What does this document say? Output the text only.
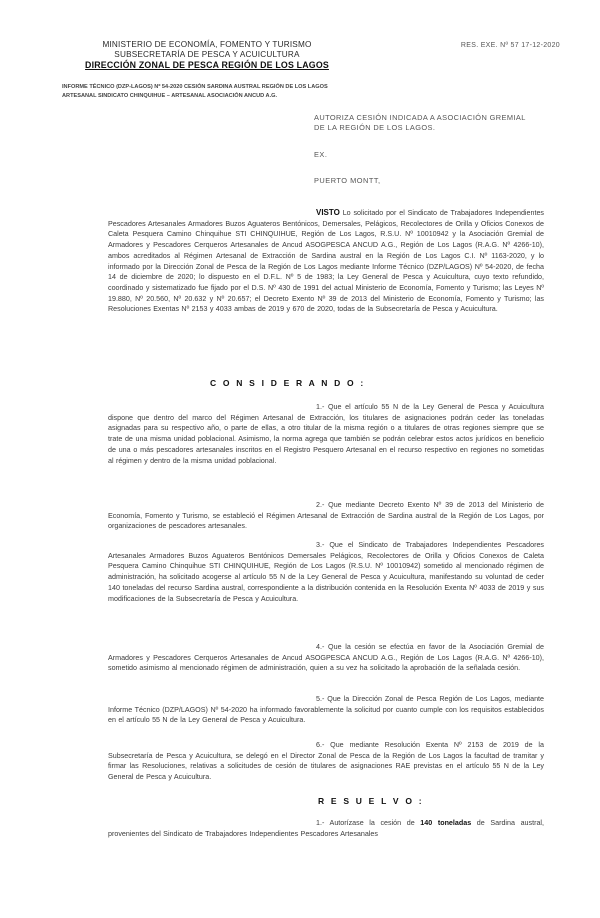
MINISTERIO DE ECONOMÍA, FOMENTO Y TURISMO
SUBSECRETARÍA DE PESCA Y ACUICULTURA
DIRECCIÓN ZONAL DE PESCA REGIÓN DE LOS LAGOS
INFORME TÉCNICO (DZP-LAGOS) Nº 54-2020 CESIÓN SARDINA AUSTRAL REGIÓN DE LOS LAGOS
ARTESANAL SINDICATO CHINQUIHUE – ARTESANAL ASOCIACIÓN ANCUD A.G.
RES. EXE. Nº 57 17-12-2020
AUTORIZA CESIÓN INDICADA A ASOCIACIÓN GREMIAL DE LA REGIÓN DE LOS LAGOS.
EX.
PUERTO MONTT,
VISTO Lo solicitado por el Sindicato de Trabajadores Independientes Pescadores Artesanales Armadores Buzos Aguateros Bentónicos, Demersales, Pelágicos, Recolectores de Orilla y Oficios Conexos de Caleta Pesquera Camino Chinquihue STI CHINQUIHUE, Región de Los Lagos, R.S.U. Nº 10010942 y la Asociación Gremial de Armadores y Pescadores Cerqueros Artesanales de Ancud ASOGPESCA ANCUD A.G., Región de Los Lagos (R.A.G. Nº 4266-10), ambos acreditados al Régimen Artesanal de Extracción de Sardina austral en la Región de Los Lagos C.I. Nº 1163-2020, y lo informado por la Dirección Zonal de Pesca de la Región de Los Lagos mediante Informe Técnico (DZP/LAGOS) Nº 54-2020, de fecha 14 de diciembre de 2020; lo dispuesto en el D.F.L. Nº 5 de 1983; la Ley General de Pesca y Acuicultura, cuyo texto refundido, coordinado y sistematizado fue fijado por el D.S. Nº 430 de 1991 del actual Ministerio de Economía, Fomento y Turismo; las Leyes Nº 19.880, Nº 20.560, Nº 20.632 y Nº 20.657; el Decreto Exento Nº 39 de 2013 del Ministerio de Economía, Fomento y Turismo; las Resoluciones Exentas Nº 2153 y 4033 ambas de 2019 y 670 de 2020, todas de la Subsecretaría de Pesca y Acuicultura.
C O N S I D E R A N D O :
1.- Que el artículo 55 N de la Ley General de Pesca y Acuicultura dispone que dentro del marco del Régimen Artesanal de Extracción, los titulares de asignaciones podrán ceder las toneladas asignadas para su respectivo año, o parte de ellas, a otro titular de la misma región o a titulares de otras regiones siempre que se trate de una misma unidad poblacional. Asimismo, la norma agrega que también se podrán celebrar estos actos jurídicos en beneficio de una o más pescadores artesanales inscritos en el Registro Pesquero Artesanal en el recurso respectivo en regiones no sometidas al régimen y dentro de la misma unidad poblacional.
2.- Que mediante Decreto Exento Nº 39 de 2013 del Ministerio de Economía, Fomento y Turismo, se estableció el Régimen Artesanal de Extracción de Sardina austral de la Región de Los Lagos, por organizaciones de pescadores artesanales.
3.- Que el Sindicato de Trabajadores Independientes Pescadores Artesanales Armadores Buzos Aguateros Bentónicos Demersales Pelágicos, Recolectores de Orilla y Oficios Conexos de Caleta Pesquera Camino Chinquihue STI CHINQUIHUE, Región de Los Lagos (R.S.U. Nº 10010942) sometido al mencionado régimen de administración, ha solicitado acogerse al artículo 55 N de la Ley General de Pesca y Acuicultura, manifestando su voluntad de ceder 140 toneladas del recurso Sardina austral, correspondiente a la distribución contenida en la Resolución Exenta Nº 4033 de 2019 y sus modificaciones de la Subsecretaría de Pesca y Acuicultura.
4.- Que la cesión se efectúa en favor de la Asociación Gremial de Armadores y Pescadores Cerqueros Artesanales de Ancud ASOGPESCA ANCUD A.G., Región de Los Lagos (R.A.G. Nº 4266-10), sometido asimismo al mencionado régimen de administración, quien a su vez ha solicitado la aprobación de la señalada cesión.
5.- Que la Dirección Zonal de Pesca Región de Los Lagos, mediante Informe Técnico (DZP/LAGOS) Nº 54-2020 ha informado favorablemente la solicitud por cuanto cumple con los requisitos establecidos en el artículo 55 N de la Ley General de Pesca y Acuicultura.
6.- Que mediante Resolución Exenta Nº 2153 de 2019 de la Subsecretaría de Pesca y Acuicultura, se delegó en el Director Zonal de Pesca de la Región de Los Lagos la facultad de tramitar y firmar las Resoluciones, relativas a solicitudes de cesión de titulares de asignaciones RAE previstas en el artículo 55 N de la Ley General de Pesca y Acuicultura.
R E S U E L V O :
1.- Autorízase la cesión de 140 toneladas de Sardina austral, provenientes del Sindicato de Trabajadores Independientes Pescadores Artesanales
